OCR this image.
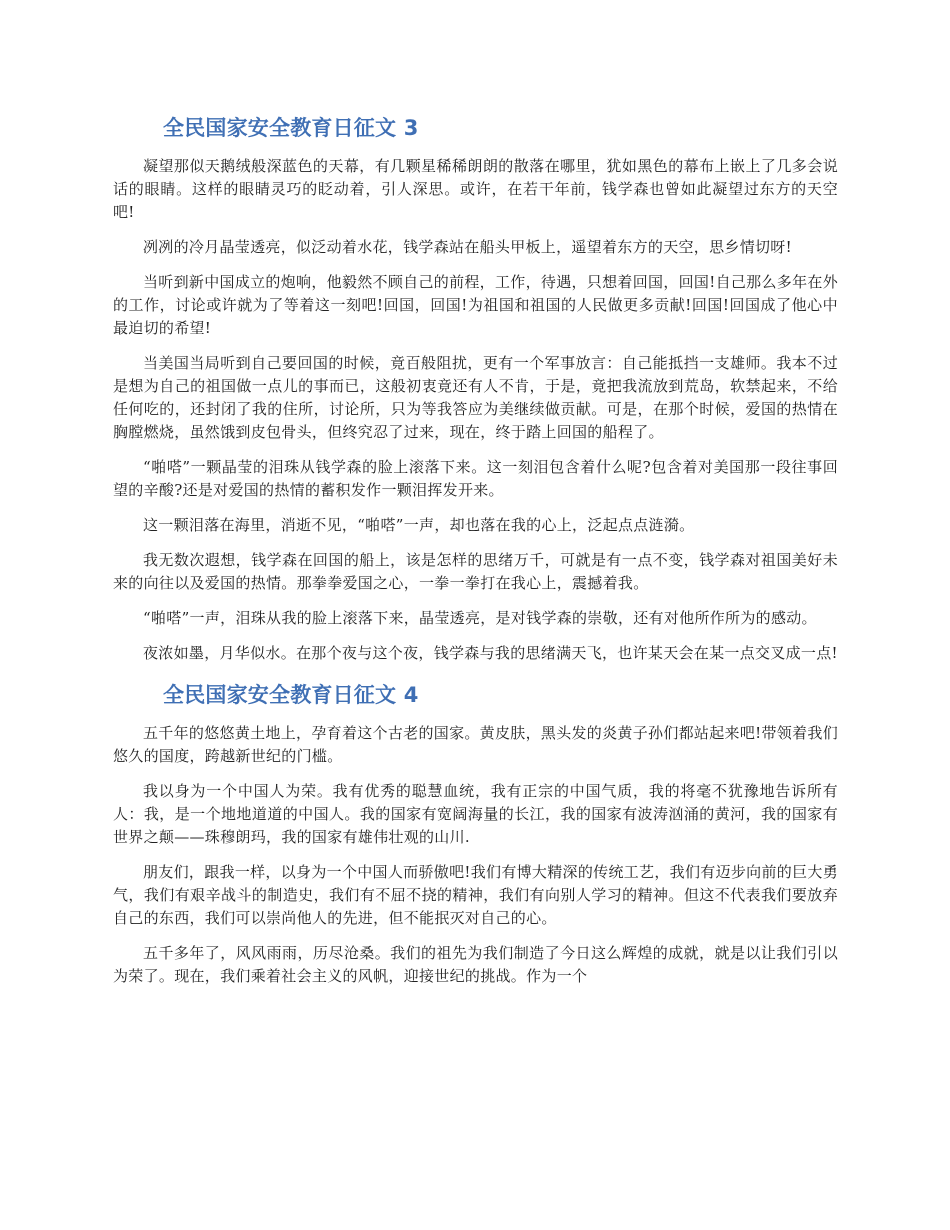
全民国家安全教育日征文 3

凝望那似天鹅绒般深蓝色的天幕，有几颗星稀稀朗朗的散落在哪里，犹如黑色的幕布上嵌上了几多会说话的眼睛。这样的眼睛灵巧的眨动着，引人深思。或许，在若干年前，钱学森也曾如此凝望过东方的天空吧!

冽冽的冷月晶莹透亮，似泛动着水花，钱学森站在船头甲板上，遥望着东方的天空，思乡情切呀!

当听到新中国成立的炮响，他毅然不顾自己的前程，工作，待遇，只想着回国，回国!自己那么多年在外的工作，讨论或许就为了等着这一刻吧!回国，回国!为祖国和祖国的人民做更多贡献!回国!回国成了他心中最迫切的希望!

当美国当局听到自己要回国的时候，竟百般阻扰，更有一个军事放言：自己能抵挡一支雄师。我本不过是想为自己的祖国做一点儿的事而已，这般初衷竟还有人不肯，于是，竟把我流放到荒岛，软禁起来，不给任何吃的，还封闭了我的住所，讨论所，只为等我答应为美继续做贡献。可是，在那个时候，爱国的热情在胸膛燃烧，虽然饿到皮包骨头，但终究忍了过来，现在，终于踏上回国的船程了。

“啪嗒”一颗晶莹的泪珠从钱学森的脸上滚落下来。这一刻泪包含着什么呢?包含着对美国那一段往事回望的辛酸?还是对爱国的热情的蓄积发作一颗泪挥发开来。

这一颗泪落在海里，消逝不见，“啪嗒”一声，却也落在我的心上，泛起点点涟漪。

我无数次遐想，钱学森在回国的船上，该是怎样的思绪万千，可就是有一点不变，钱学森对祖国美好未来的向往以及爱国的热情。那拳拳爱国之心，一拳一拳打在我心上，震撼着我。

“啪嗒”一声，泪珠从我的脸上滚落下来，晶莹透亮，是对钱学森的崇敬，还有对他所作所为的感动。

夜浓如墨，月华似水。在那个夜与这个夜，钱学森与我的思绪满天飞，也许某天会在某一点交叉成一点!

全民国家安全教育日征文 4

五千年的悠悠黄土地上，孕育着这个古老的国家。黄皮肤，黑头发的炎黄子孙们都站起来吧!带领着我们悠久的国度，跨越新世纪的门槛。

我以身为一个中国人为荣。我有优秀的聪慧血统，我有正宗的中国气质，我的将毫不犹豫地告诉所有人：我，是一个地地道道的中国人。我的国家有宽阔海量的长江，我的国家有波涛汹涌的黄河，我的国家有世界之颠——珠穆朗玛，我的国家有雄伟壮观的山川.

朋友们，跟我一样，以身为一个中国人而骄傲吧!我们有博大精深的传统工艺，我们有迈步向前的巨大勇气，我们有艰辛战斗的制造史，我们有不屈不挠的精神，我们有向别人学习的精神。但这不代表我们要放弃自己的东西，我们可以崇尚他人的先进，但不能抿灭对自己的心。

五千多年了，风风雨雨，历尽沧桑。我们的祖先为我们制造了今日这么辉煌的成就，就是以让我们引以为荣了。现在，我们乘着社会主义的风帆，迎接世纪的挑战。作为一个
